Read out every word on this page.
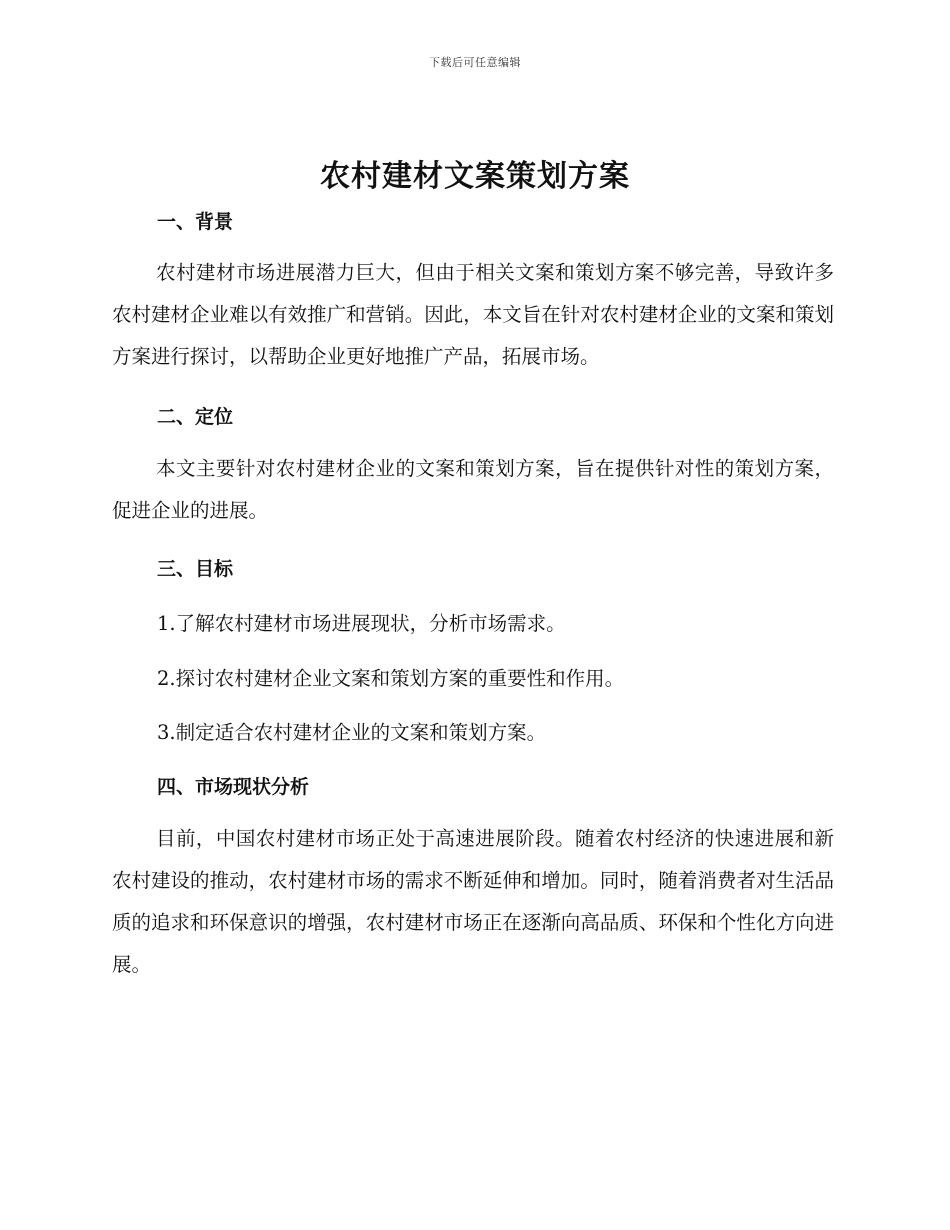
下载后可任意编辑
农村建材文案策划方案
一、背景

农村建材市场进展潜力巨大，但由于相关文案和策划方案不够完善，导致许多农村建材企业难以有效推广和营销。因此，本文旨在针对农村建材企业的文案和策划方案进行探讨，以帮助企业更好地推广产品，拓展市场。

二、定位

本文主要针对农村建材企业的文案和策划方案，旨在提供针对性的策划方案，促进企业的进展。

三、目标

1.了解农村建材市场进展现状，分析市场需求。

2.探讨农村建材企业文案和策划方案的重要性和作用。

3.制定适合农村建材企业的文案和策划方案。

四、市场现状分析

目前，中国农村建材市场正处于高速进展阶段。随着农村经济的快速进展和新农村建设的推动，农村建材市场的需求不断延伸和增加。同时，随着消费者对生活品质的追求和环保意识的增强，农村建材市场正在逐渐向高品质、环保和个性化方向进展。
